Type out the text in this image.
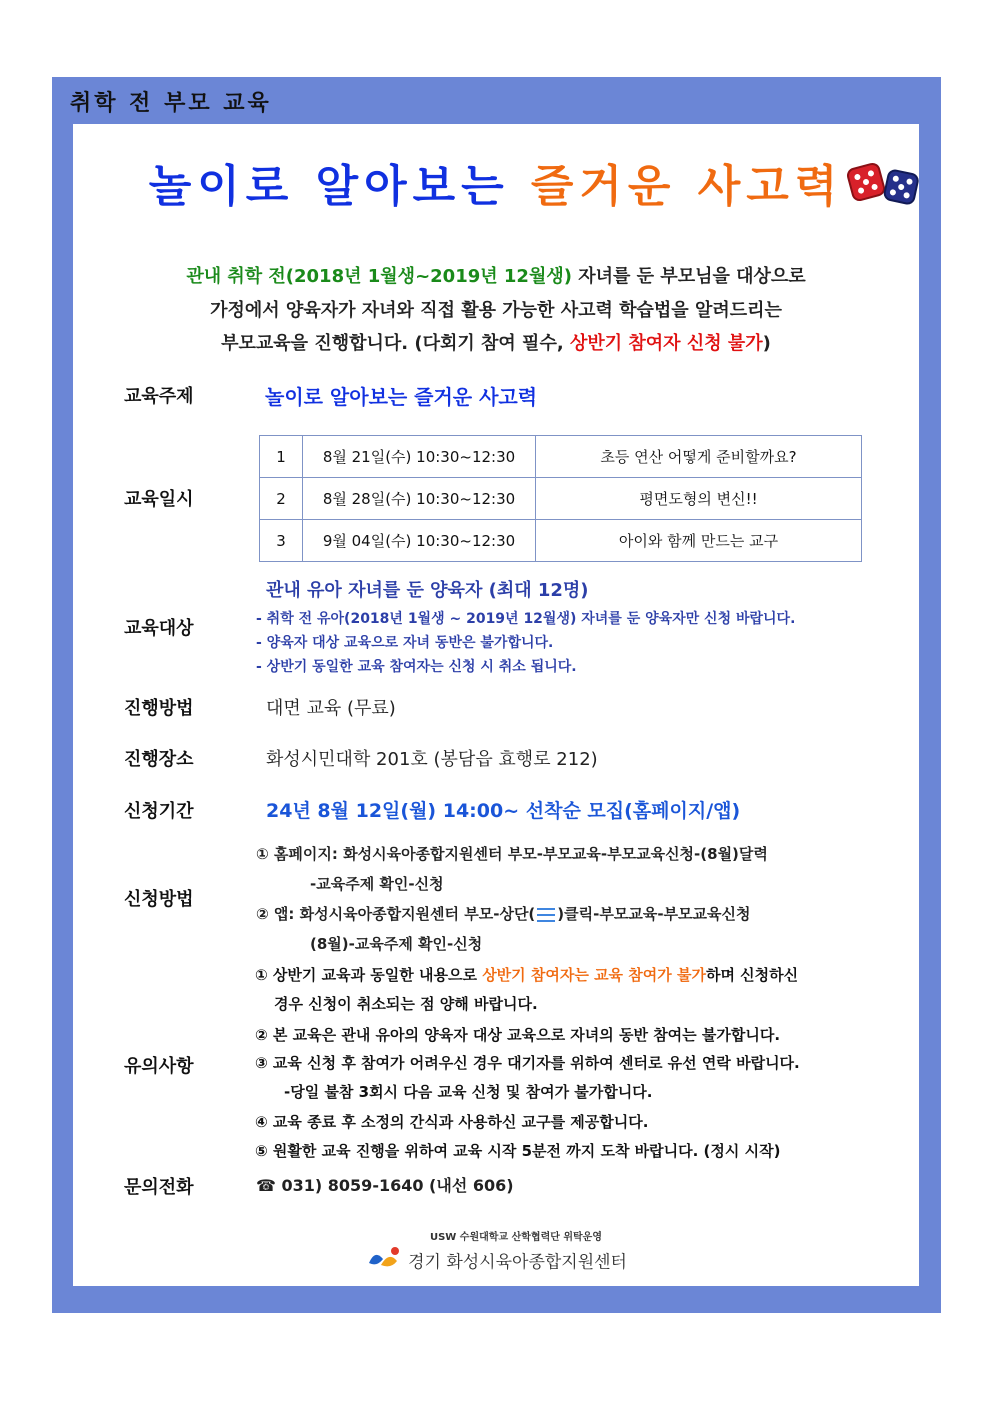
취학 전 부모 교육
놀이로 알아보는 즐거운 사고력
관내 취학 전(2018년 1월생~2019년 12월생) 자녀를 둔 부모님을 대상으로
가정에서 양육자가 자녀와 직접 활용 가능한 사고력 학습법을 알려드리는
부모교육을 진행합니다. (다회기 참여 필수, 상반기 참여자 신청 불가)
교육주제	놀이로 알아보는 즐거운 사고력
교육일시
1	8월 21일(수) 10:30~12:30	초등 연산 어떻게 준비할까요?
2	8월 28일(수) 10:30~12:30	평면도형의 변신!!
3	9월 04일(수) 10:30~12:30	아이와 함께 만드는 교구
교육대상
관내 유아 자녀를 둔 양육자 (최대 12명)
- 취학 전 유아(2018년 1월생 ~ 2019년 12월생) 자녀를 둔 양육자만 신청 바랍니다.
- 양육자 대상 교육으로 자녀 동반은 불가합니다.
- 상반기 동일한 교육 참여자는 신청 시 취소 됩니다.
진행방법	대면 교육 (무료)
진행장소	화성시민대학 201호 (봉담읍 효행로 212)
신청기간	24년 8월 12일(월) 14:00~ 선착순 모집(홈페이지/앱)
신청방법
① 홈페이지: 화성시육아종합지원센터 부모-부모교육-부모교육신청-(8월)달력
-교육주제 확인-신청
② 앱: 화성시육아종합지원센터 부모-상단( )클릭-부모교육-부모교육신청
(8월)-교육주제 확인-신청
유의사항
① 상반기 교육과 동일한 내용으로 상반기 참여자는 교육 참여가 불가하며 신청하신
경우 신청이 취소되는 점 양해 바랍니다.
② 본 교육은 관내 유아의 양육자 대상 교육으로 자녀의 동반 참여는 불가합니다.
③ 교육 신청 후 참여가 어려우신 경우 대기자를 위하여 센터로 유선 연락 바랍니다.
-당일 불참 3회시 다음 교육 신청 및 참여가 불가합니다.
④ 교육 종료 후 소정의 간식과 사용하신 교구를 제공합니다.
⑤ 원활한 교육 진행을 위하여 교육 시작 5분전 까지 도착 바랍니다. (정시 시작)
문의전화	☎ 031) 8059-1640 (내선 606)
USW 수원대학교 산학협력단 위탁운영
경기 화성시육아종합지원센터
